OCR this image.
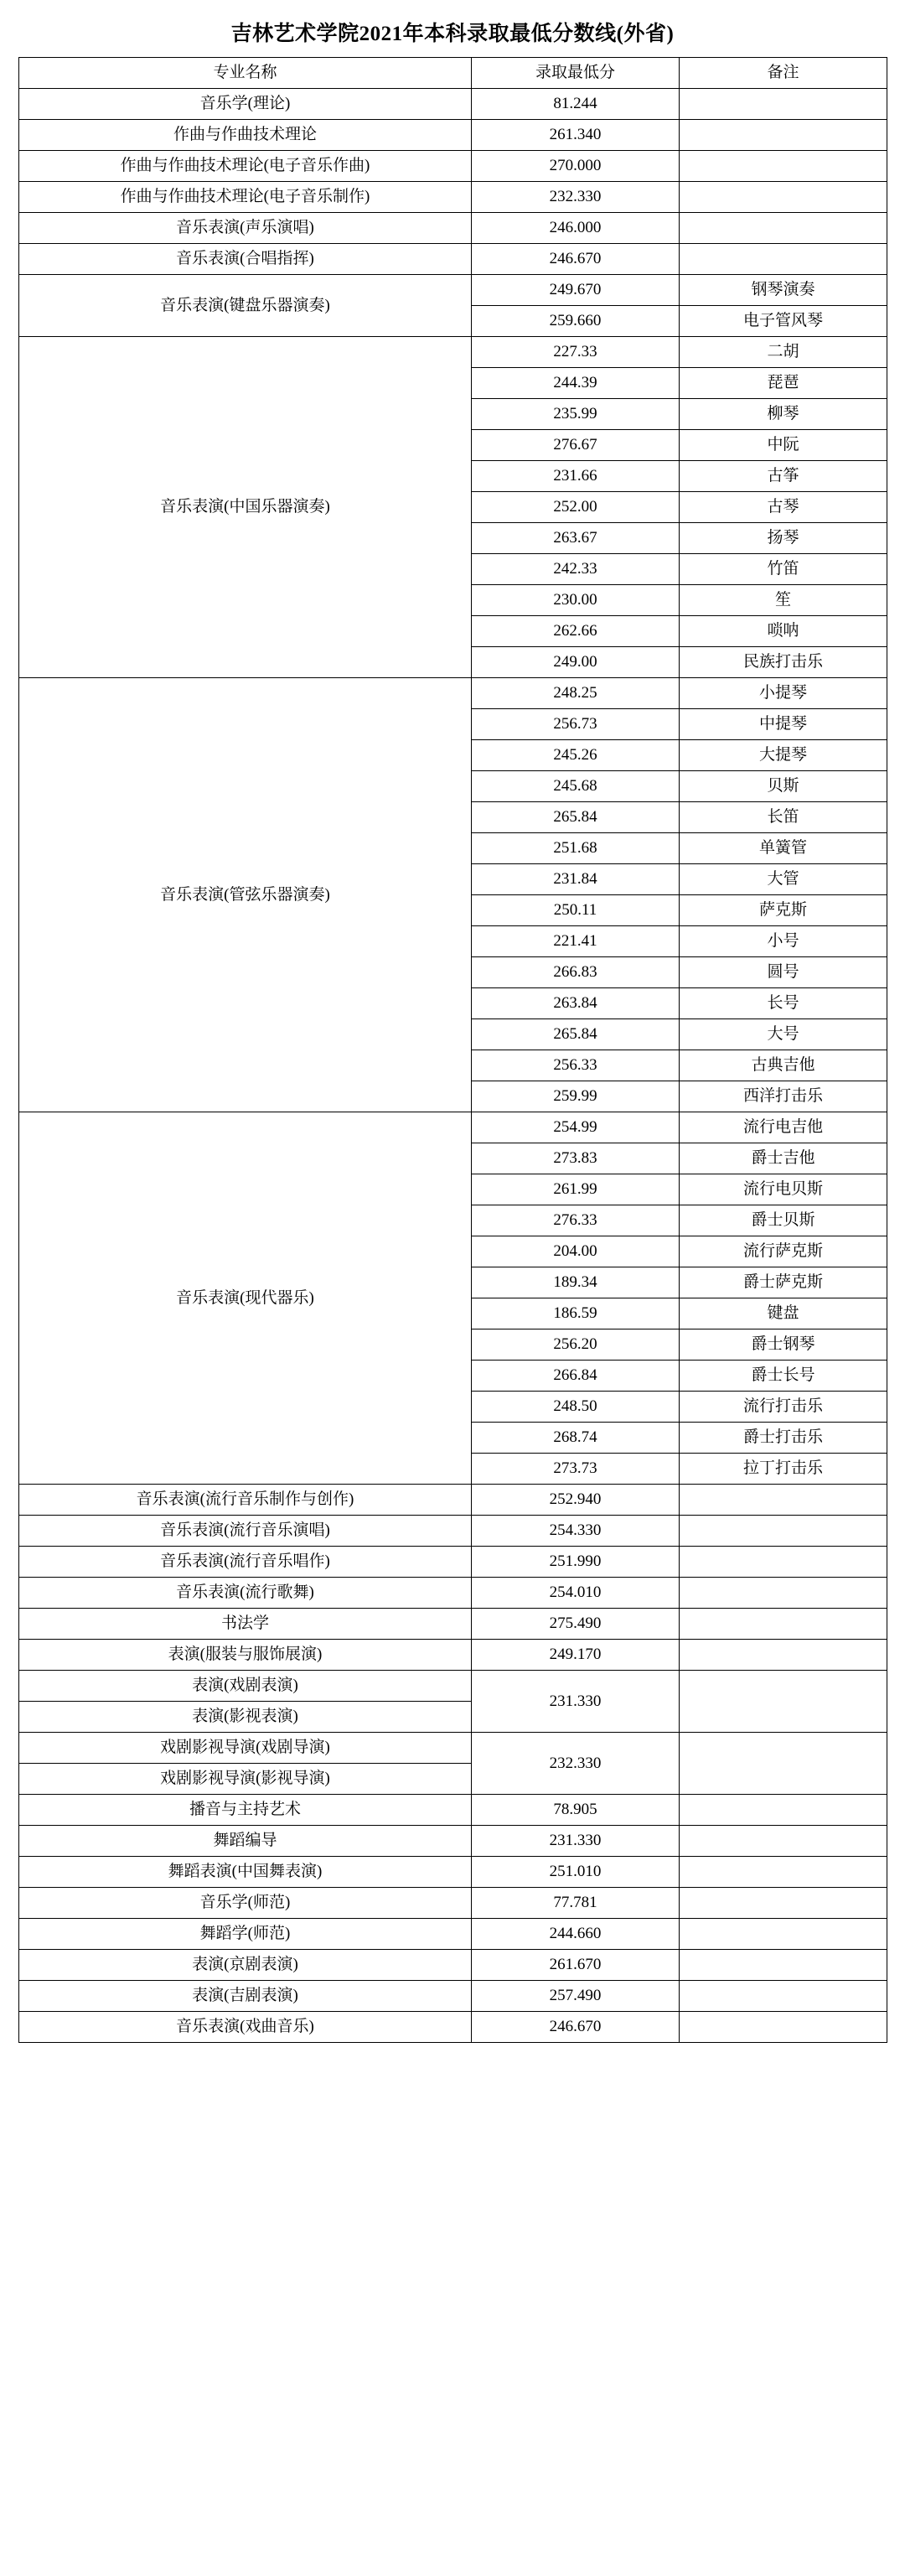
吉林艺术学院2021年本科录取最低分数线(外省)
专业名称	录取最低分	备注
音乐学(理论)	81.244	
作曲与作曲技术理论	261.340	
作曲与作曲技术理论(电子音乐作曲)	270.000	
作曲与作曲技术理论(电子音乐制作)	232.330	
音乐表演(声乐演唱)	246.000	
音乐表演(合唱指挥)	246.670	
音乐表演(键盘乐器演奏)	249.670	钢琴演奏
	259.660	电子管风琴
音乐表演(中国乐器演奏)	227.33	二胡
	244.39	琵琶
	235.99	柳琴
	276.67	中阮
	231.66	古筝
	252.00	古琴
	263.67	扬琴
	242.33	竹笛
	230.00	笙
	262.66	唢呐
	249.00	民族打击乐
音乐表演(管弦乐器演奏)	248.25	小提琴
	256.73	中提琴
	245.26	大提琴
	245.68	贝斯
	265.84	长笛
	251.68	单簧管
	231.84	大管
	250.11	萨克斯
	221.41	小号
	266.83	圆号
	263.84	长号
	265.84	大号
	256.33	古典吉他
	259.99	西洋打击乐
音乐表演(现代器乐)	254.99	流行电吉他
	273.83	爵士吉他
	261.99	流行电贝斯
	276.33	爵士贝斯
	204.00	流行萨克斯
	189.34	爵士萨克斯
	186.59	键盘
	256.20	爵士钢琴
	266.84	爵士长号
	248.50	流行打击乐
	268.74	爵士打击乐
	273.73	拉丁打击乐
音乐表演(流行音乐制作与创作)	252.940	
音乐表演(流行音乐演唱)	254.330	
音乐表演(流行音乐唱作)	251.990	
音乐表演(流行歌舞)	254.010	
书法学	275.490	
表演(服装与服饰展演)	249.170	
表演(戏剧表演)	231.330	
表演(影视表演)		
戏剧影视导演(戏剧导演)	232.330	
戏剧影视导演(影视导演)		
播音与主持艺术	78.905	
舞蹈编导	231.330	
舞蹈表演(中国舞表演)	251.010	
音乐学(师范)	77.781	
舞蹈学(师范)	244.660	
表演(京剧表演)	261.670	
表演(吉剧表演)	257.490	
音乐表演(戏曲音乐)	246.670	
